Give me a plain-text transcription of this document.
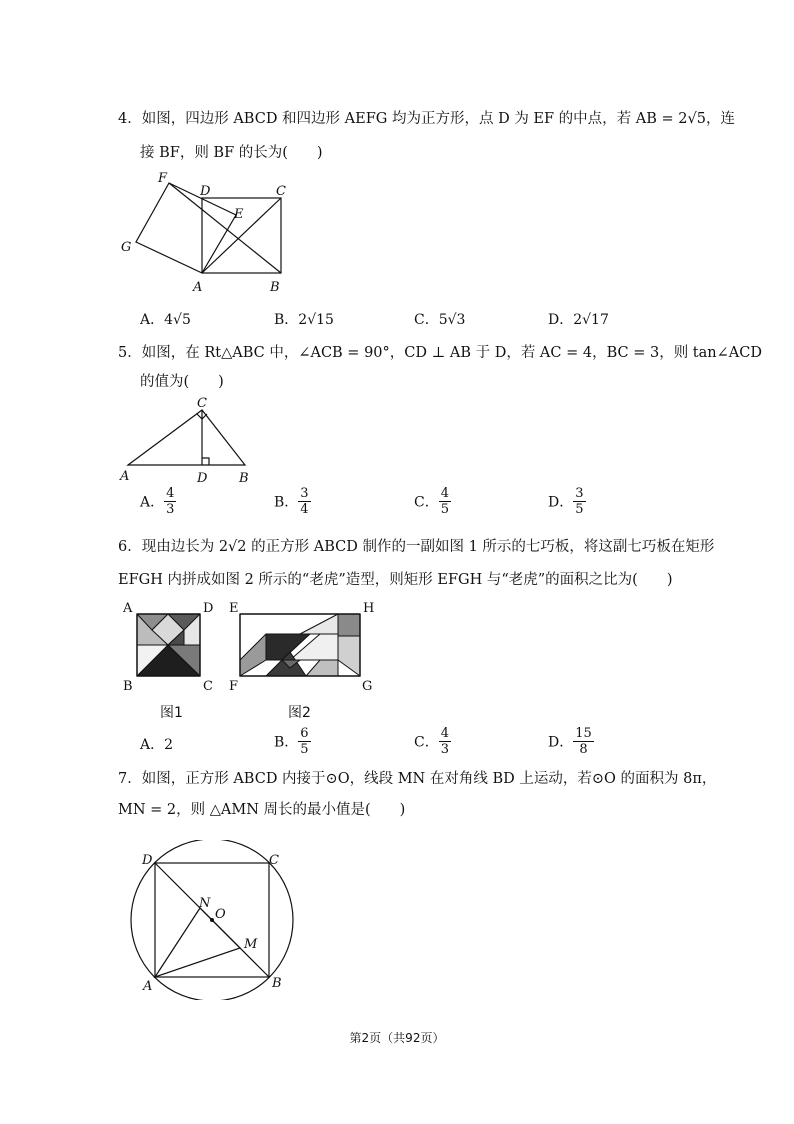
4．如图，四边形 ABCD 和四边形 AEFG 均为正方形，点 D 为 EF 的中点，若 AB = 2√5，连
接 BF，则 BF 的长为(　　)
F
D	C
E
G
A	B
A．4√5	B．2√15	C．5√3	D．2√17
5．如图，在 Rt△ABC 中，∠ACB = 90°，CD ⊥ AB 于 D，若 AC = 4，BC = 3，则 tan∠ACD
的值为(　　)
C
A	D B
A． $\frac{4}{3}$	B． $\frac{3}{4}$	C． $\frac{4}{5}$	D． $\frac{3}{5}$
6．现由边长为 2√2 的正方形 ABCD 制作的一副如图 1 所示的七巧板，将这副七巧板在矩形
EFGH 内拼成如图 2 所示的“老虎”造型，则矩形 EFGH 与“老虎”的面积之比为(　　)
A	D
B	C
图1
E	H
F	G
图2
A．2	B． $\frac{6}{5}$	C． $\frac{4}{3}$	D． $\frac{15}{8}$
7．如图，正方形 ABCD 内接于⊙O，线段 MN 在对角线 BD 上运动，若⊙O 的面积为 8π，
MN = 2，则 △AMN 周长的最小值是(　　)
D	C
N
O
M
A	B
第2页（共92页）
